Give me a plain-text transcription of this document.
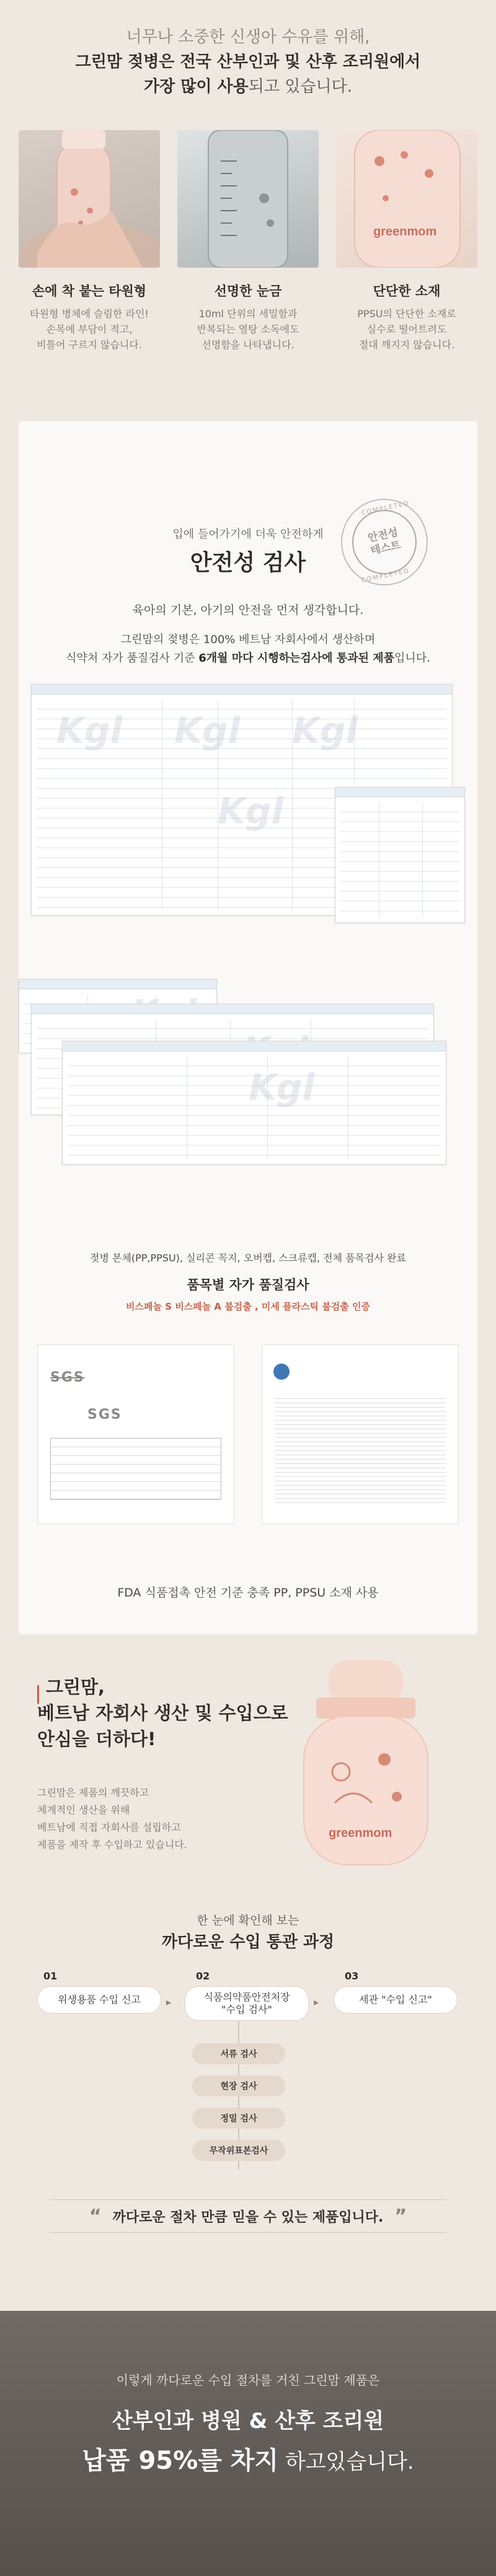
너무나 소중한 신생아 수유를 위해,
그린맘 젖병은 전국 산부인과 및 산후 조리원에서
가장 많이 사용되고 있습니다.
손에 착 붙는 타원형
타원형 병체에 슬림한 라인!
손목에 부담이 적고,
비틀어 구르지 않습니다.
선명한 눈금
10ml 단위의 세밀함과
반복되는 열탕 소독에도
선명함을 나타냅니다.
greenmom
단단한 소재
PPSU의 단단한 소재로
실수로 떨어트려도
절대 깨지지 않습니다.
입에 들어가기에 더욱 안전하게
안전성 검사
COMPLETED
안전성
테스트
COMPLETED
육아의 기본, 아기의 안전을 먼저 생각합니다.
그린맘의 젖병은 100% 베트남 자회사에서 생산하며
식약처 자가 품질검사 기준 6개월 마다 시행하는검사에 통과된 제품입니다.
Kgl Kgl Kgl
Kgl
Kgl
젖병 본체(PP,PPSU), 실리콘 꼭지, 오버캡, 스크류캡, 전체 품목검사 완료
품목별 자가 품질검사
비스페놀 S 비스페놀 A 불검출 , 미세 플라스틱 불검출 인증
SGS
SGS
FDA 식품접촉 안전 기준 충족 PP, PPSU 소재 사용
그린맘,
베트남 자회사 생산 및 수입으로
안심을 더하다!
그린맘은 제품의 깨끗하고
체계적인 생산을 위해
베트남에 직접 자회사를 설립하고
제품을 제작 후 수입하고 있습니다.
greenmom
한 눈에 확인해 보는
까다로운 수입 통관 과정
01
위생용품 수입 신고	▸
02
식품의약품안전처장
"수입 검사"
▸
03
세관 "수입 신고"
서류 검사
현장 검사
정밀 검사
무작위표본검사
“ 까다로운 절차 만큼 믿을 수 있는 제품입니다. ”
이렇게 까다로운 수입 절차를 거친 그린맘 제품은
산부인과 병원 & 산후 조리원
납품 95%를 차지 하고있습니다.
